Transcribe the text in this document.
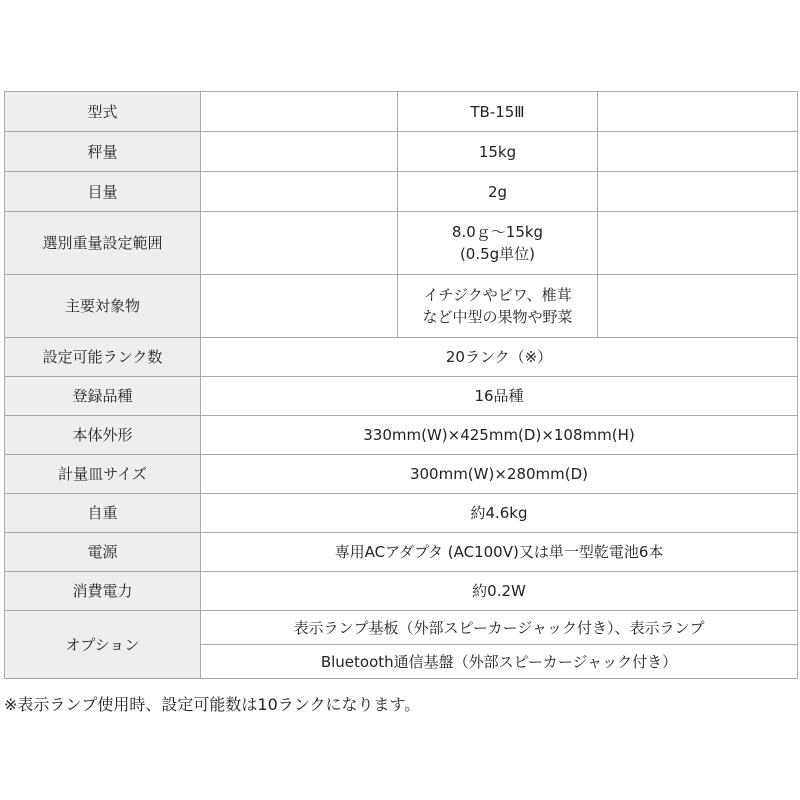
型式		TB-15Ⅲ	
秤量		15kg	
目量		2g	
選別重量設定範囲		8.0ｇ～15kg
(0.5g単位)	

主要対象物		イチジクやビワ、椎茸
など中型の果物や野菜	

設定可能ランク数	20ランク（※）		
登録品種	16品種		
本体外形	330mm(W)×425mm(D)×108mm(H)		
計量皿サイズ	300mm(W)×280mm(D)		
自重	約4.6kg		
電源	専用ACアダプタ (AC100V)又は単一型乾電池6本		
消費電力	約0.2W		
オプション	表示ランプ基板（外部スピーカージャック付き）、表示ランプ		
	Bluetooth通信基盤（外部スピーカージャック付き）		
※表示ランプ使用時、設定可能数は10ランクになります。
